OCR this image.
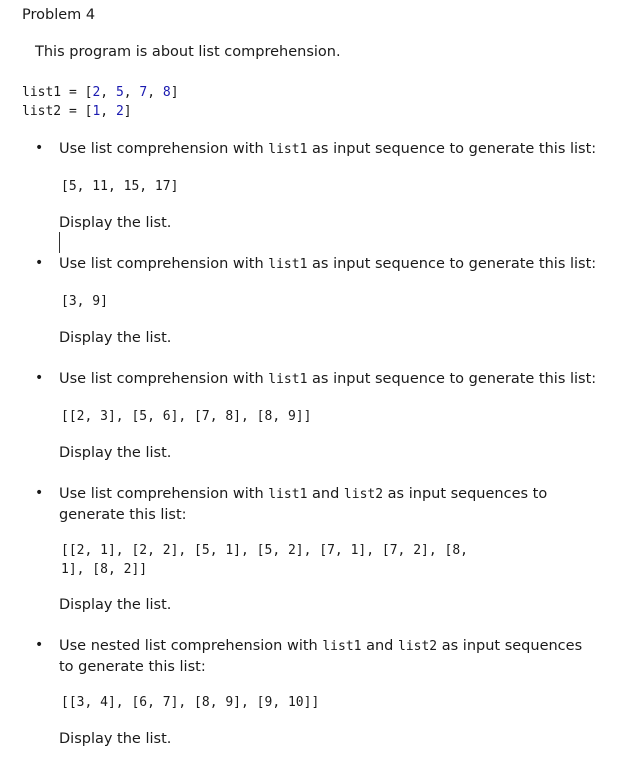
Problem 4
This program is about list comprehension.
list1 = [2, 5, 7, 8]
list2 = [1, 2]
• Use list comprehension with list1 as input sequence to generate this list:
[5, 11, 15, 17]
Display the list.
• Use list comprehension with list1 as input sequence to generate this list:
[3, 9]
Display the list.
• Use list comprehension with list1 as input sequence to generate this list:
[[2, 3], [5, 6], [7, 8], [8, 9]]
Display the list.
• Use list comprehension with list1 and list2 as input sequences to generate this list:
[[2, 1], [2, 2], [5, 1], [5, 2], [7, 1], [7, 2], [8,
1], [8, 2]]
Display the list.
• Use nested list comprehension with list1 and list2 as input sequences to generate this list:
[[3, 4], [6, 7], [8, 9], [9, 10]]
Display the list.
